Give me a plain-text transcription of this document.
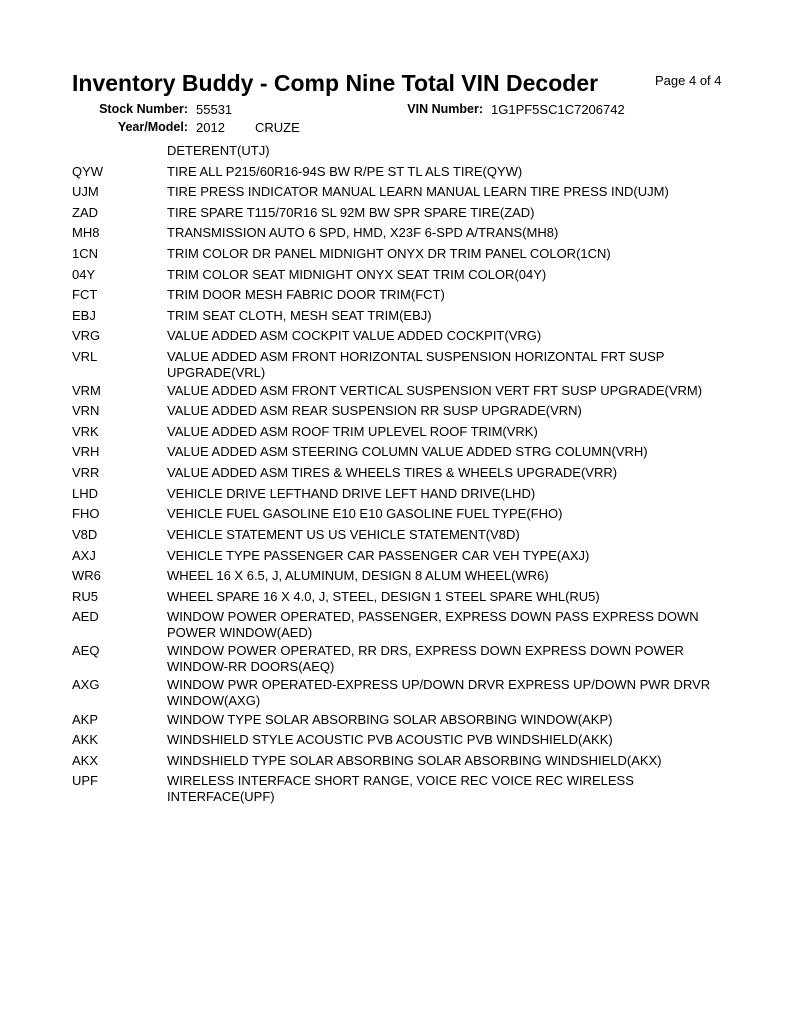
Inventory Buddy - Comp Nine Total VIN Decoder	Page 4 of 4
Stock Number: 55531	VIN Number: 1G1PF5SC1C7206742
Year/Model: 2012 CRUZE
DETERENT(UTJ)
QYW	TIRE ALL P215/60R16-94S BW R/PE ST TL ALS TIRE(QYW)
UJM	TIRE PRESS INDICATOR MANUAL LEARN MANUAL LEARN TIRE PRESS IND(UJM)
ZAD	TIRE SPARE T115/70R16 SL 92M BW SPR SPARE TIRE(ZAD)
MH8	TRANSMISSION AUTO 6 SPD, HMD, X23F 6-SPD A/TRANS(MH8)
1CN	TRIM COLOR DR PANEL MIDNIGHT ONYX DR TRIM PANEL COLOR(1CN)
04Y	TRIM COLOR SEAT MIDNIGHT ONYX SEAT TRIM COLOR(04Y)
FCT	TRIM DOOR MESH FABRIC DOOR TRIM(FCT)
EBJ	TRIM SEAT CLOTH, MESH SEAT TRIM(EBJ)
VRG	VALUE ADDED ASM COCKPIT VALUE ADDED COCKPIT(VRG)
VRL	VALUE ADDED ASM FRONT HORIZONTAL SUSPENSION HORIZONTAL FRT SUSP UPGRADE(VRL)
VRM	VALUE ADDED ASM FRONT VERTICAL SUSPENSION VERT FRT SUSP UPGRADE(VRM)
VRN	VALUE ADDED ASM REAR SUSPENSION RR SUSP UPGRADE(VRN)
VRK	VALUE ADDED ASM ROOF TRIM UPLEVEL ROOF TRIM(VRK)
VRH	VALUE ADDED ASM STEERING COLUMN VALUE ADDED STRG COLUMN(VRH)
VRR	VALUE ADDED ASM TIRES & WHEELS TIRES & WHEELS UPGRADE(VRR)
LHD	VEHICLE DRIVE LEFTHAND DRIVE LEFT HAND DRIVE(LHD)
FHO	VEHICLE FUEL GASOLINE E10 E10 GASOLINE FUEL TYPE(FHO)
V8D	VEHICLE STATEMENT US US VEHICLE STATEMENT(V8D)
AXJ	VEHICLE TYPE PASSENGER CAR PASSENGER CAR VEH TYPE(AXJ)
WR6	WHEEL 16 X 6.5, J, ALUMINUM, DESIGN 8 ALUM WHEEL(WR6)
RU5	WHEEL SPARE 16 X 4.0, J, STEEL, DESIGN 1 STEEL SPARE WHL(RU5)
AED	WINDOW POWER OPERATED, PASSENGER, EXPRESS DOWN PASS EXPRESS DOWN POWER WINDOW(AED)
AEQ	WINDOW POWER OPERATED, RR DRS, EXPRESS DOWN EXPRESS DOWN POWER WINDOW-RR DOORS(AEQ)
AXG	WINDOW PWR OPERATED-EXPRESS UP/DOWN DRVR EXPRESS UP/DOWN PWR DRVR WINDOW(AXG)
AKP	WINDOW TYPE SOLAR ABSORBING SOLAR ABSORBING WINDOW(AKP)
AKK	WINDSHIELD STYLE ACOUSTIC PVB ACOUSTIC PVB WINDSHIELD(AKK)
AKX	WINDSHIELD TYPE SOLAR ABSORBING SOLAR ABSORBING WINDSHIELD(AKX)
UPF	WIRELESS INTERFACE SHORT RANGE, VOICE REC VOICE REC WIRELESS INTERFACE(UPF)
